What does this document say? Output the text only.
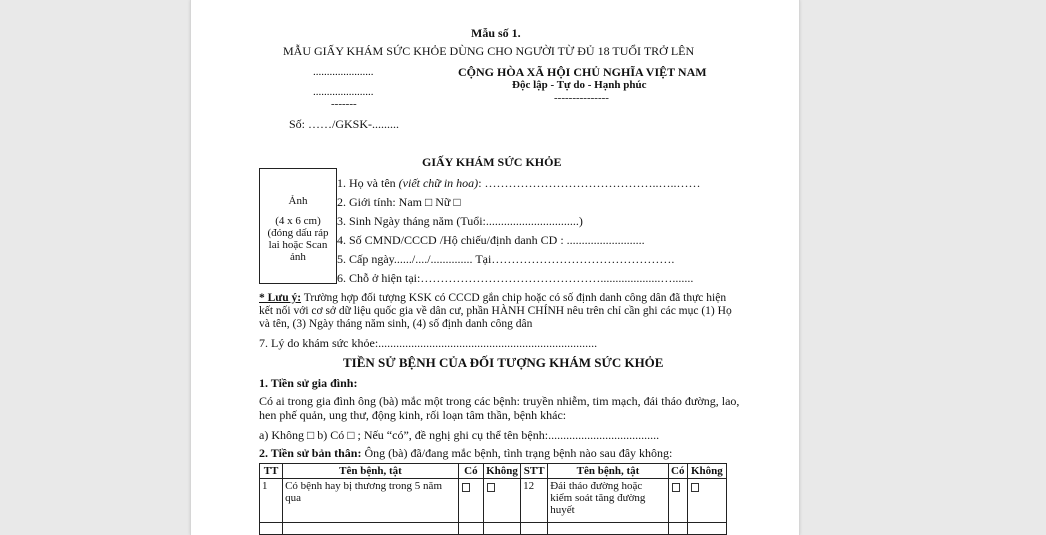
Mẫu số 1.
MẪU GIẤY KHÁM SỨC KHỎE DÙNG CHO NGƯỜI TỪ ĐỦ 18 TUỔI TRỞ LÊN
......................
......................
-------
Số: ……/GKSK-.........
CỘNG HÒA XÃ HỘI CHỦ NGHĨA VIỆT NAM
Độc lập - Tự do - Hạnh phúc
---------------
GIẤY KHÁM SỨC KHỎE
Ảnh
(4 x 6 cm) (đóng dấu ráp lai hoặc Scan ảnh
1. Họ và tên (viết chữ in hoa): ……………………………………..…..……
2. Giới tính: Nam □ Nữ □
3. Sinh Ngày tháng năm (Tuổi:...............................)
4. Số CMND/CCCD /Hộ chiếu/định danh CD : ..........................
5. Cấp ngày....../..../.............. Tại……………………………………….
6. Chỗ ở hiện tại:………………………………………....................….......
* Lưu ý: Trường hợp đối tượng KSK có CCCD gắn chip hoặc có số định danh công dân đã thực hiện kết nối với cơ sở dữ liệu quốc gia về dân cư, phần HÀNH CHÍNH nêu trên chỉ cần ghi các mục (1) Họ và tên, (3) Ngày tháng năm sinh, (4) số định danh công dân
7. Lý do khám sức khỏe:.........................................................................
TIỀN SỬ BỆNH CỦA ĐỐI TƯỢNG KHÁM SỨC KHỎE
1. Tiền sử gia đình:
Có ai trong gia đình ông (bà) mắc một trong các bệnh: truyền nhiễm, tim mạch, đái tháo đường, lao, hen phế quản, ung thư, động kinh, rối loạn tâm thần, bệnh khác:
a) Không □ b) Có □ ; Nếu “có”, đề nghị ghi cụ thể tên bệnh:.....................................
2. Tiền sử bản thân: Ông (bà) đã/đang mắc bệnh, tình trạng bệnh nào sau đây không:
TT	Tên bệnh, tật	Có	Không	STT	Tên bệnh, tật	Có	Không
1	Có bệnh hay bị thương trong 5 năm qua			12	Đái tháo đường hoặc kiểm soát tăng đường huyết		
